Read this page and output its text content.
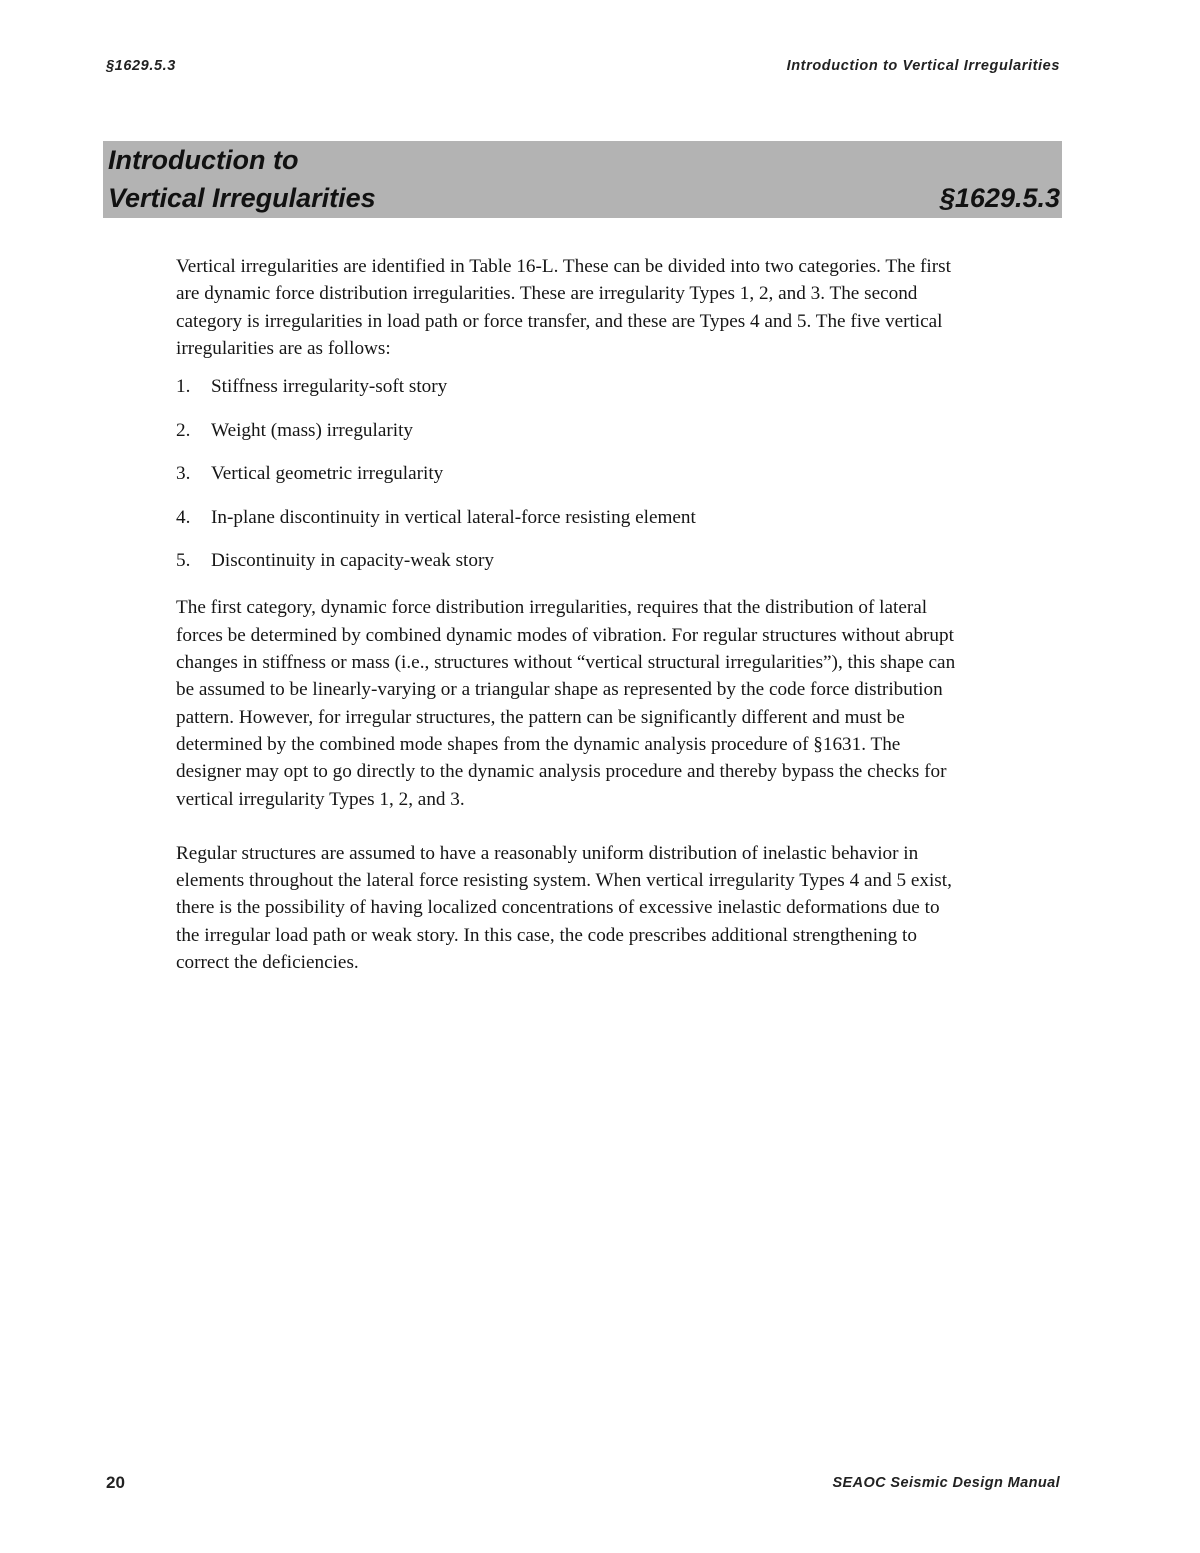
§1629.5.3	Introduction to Vertical Irregularities
Introduction to
Vertical Irregularities	§1629.5.3

Vertical irregularities are identified in Table 16-L. These can be divided into two categories. The first are dynamic force distribution irregularities. These are irregularity Types 1, 2, and 3. The second category is irregularities in load path or force transfer, and these are Types 4 and 5. The five vertical irregularities are as follows:

1. Stiffness irregularity-soft story
2. Weight (mass) irregularity
3. Vertical geometric irregularity
4. In-plane discontinuity in vertical lateral-force resisting element
5. Discontinuity in capacity-weak story

The first category, dynamic force distribution irregularities, requires that the distribution of lateral forces be determined by combined dynamic modes of vibration. For regular structures without abrupt changes in stiffness or mass (i.e., structures without “vertical structural irregularities”), this shape can be assumed to be linearly-varying or a triangular shape as represented by the code force distribution pattern. However, for irregular structures, the pattern can be significantly different and must be determined by the combined mode shapes from the dynamic analysis procedure of §1631. The designer may opt to go directly to the dynamic analysis procedure and thereby bypass the checks for vertical irregularity Types 1, 2, and 3.

Regular structures are assumed to have a reasonably uniform distribution of inelastic behavior in elements throughout the lateral force resisting system. When vertical irregularity Types 4 and 5 exist, there is the possibility of having localized concentrations of excessive inelastic deformations due to the irregular load path or weak story. In this case, the code prescribes additional strengthening to correct the deficiencies.

20	SEAOC Seismic Design Manual
